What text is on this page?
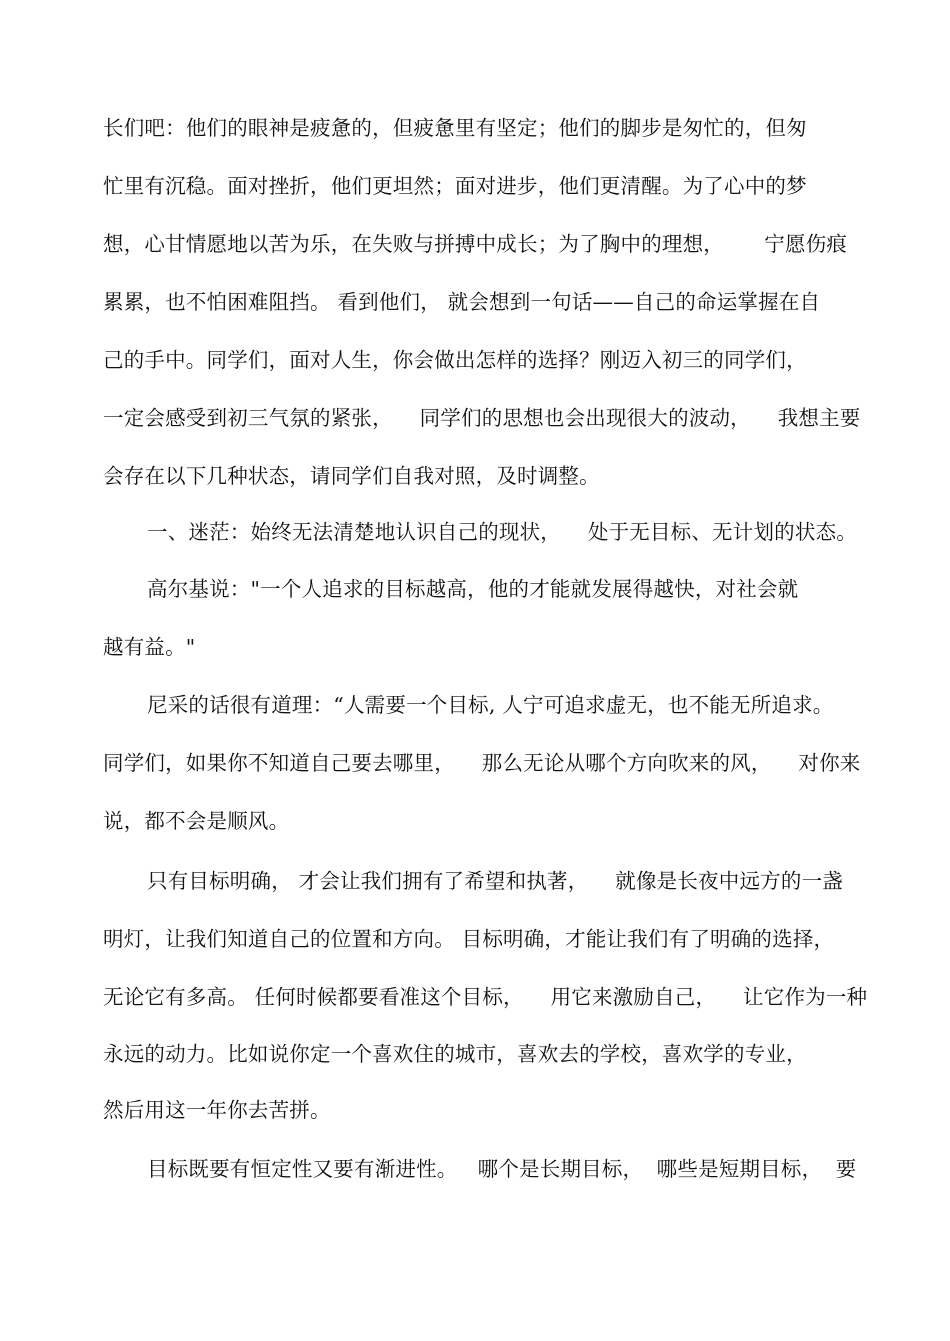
长们吧：他们的眼神是疲惫的，但疲惫里有坚定；他们的脚步是匆忙的，但匆
忙里有沉稳。面对挫折，他们更坦然；面对进步，他们更清醒。为了心中的梦
想，心甘情愿地以苦为乐，在失败与拼搏中成长；为了胸中的理想，      宁愿伤痕
累累，也不怕困难阻挡。 看到他们， 就会想到一句话——自己的命运掌握在自
己的手中。同学们，面对人生，你会做出怎样的选择？刚迈入初三的同学们，
一定会感受到初三气氛的紧张，    同学们的思想也会出现很大的波动，    我想主要
会存在以下几种状态，请同学们自我对照，及时调整。
一、迷茫：始终无法清楚地认识自己的现状，    处于无目标、无计划的状态。
高尔基说："一个人追求的目标越高，他的才能就发展得越快，对社会就
越有益。"
尼采的话很有道理：“人需要一个目标, 人宁可追求虚无，也不能无所追求。
同学们，如果你不知道自己要去哪里，    那么无论从哪个方向吹来的风，    对你来
说，都不会是顺风。
只有目标明确， 才会让我们拥有了希望和执著，    就像是长夜中远方的一盏
明灯，让我们知道自己的位置和方向。 目标明确，才能让我们有了明确的选择，
无论它有多高。 任何时候都要看准这个目标，    用它来激励自己，    让它作为一种
永远的动力。比如说你定一个喜欢住的城市，喜欢去的学校，喜欢学的专业，
然后用这一年你去苦拼。
目标既要有恒定性又要有渐进性。   哪个是长期目标，  哪些是短期目标，  要
